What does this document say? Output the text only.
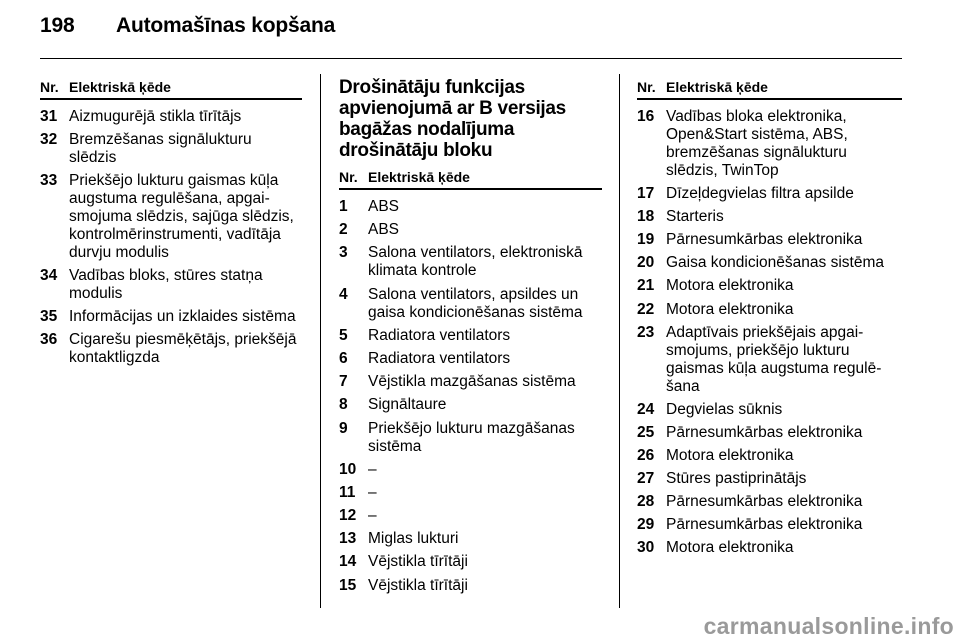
198 Automašīnas kopšana
Nr. Elektriskā ķēde
31 Aizmugurējā stikla tīrītājs
32 Bremzēšanas signālukturu slēdzis
33 Priekšējo lukturu gaismas kūļa augstuma regulēšana, apgai-smojuma slēdzis, sajūga slēdzis, kontrolmērinstrumenti, vadītāja durvju modulis
34 Vadības bloks, stūres statņa modulis
35 Informācijas un izklaides sistēma
36 Cigarešu piesmēķētājs, priekšējā kontaktligzda
Drošinātāju funkcijas apvienojumā ar B versijas bagāžas nodalījuma drošinātāju bloku
Nr. Elektriskā ķēde
1	ABS
2	ABS
3	Salona ventilators, elektroniskā klimata kontrole
4	Salona ventilators, apsildes un gaisa kondicionēšanas sistēma
5	Radiatora ventilators
6	Radiatora ventilators
7	Vējstikla mazgāšanas sistēma
8	Signāltaure
9	Priekšējo lukturu mazgāšanas sistēma
10 –
11 –
12 –
13 Miglas lukturi
14 Vējstikla tīrītāji
15 Vējstikla tīrītāji
Nr. Elektriskā ķēde
16 Vadības bloka elektronika, Open&Start sistēma, ABS, bremzēšanas signālukturu slēdzis, TwinTop
17 Dīzeļdegvielas filtra apsilde
18 Starteris
19 Pārnesumkārbas elektronika
20 Gaisa kondicionēšanas sistēma
21 Motora elektronika
22 Motora elektronika
23 Adaptīvais priekšējais apgai-smojums, priekšējo lukturu gaismas kūļa augstuma regulē-šana
24 Degvielas sūknis
25 Pārnesumkārbas elektronika
26 Motora elektronika
27 Stūres pastiprinātājs
28 Pārnesumkārbas elektronika
29 Pārnesumkārbas elektronika
30 Motora elektronika
carmanualsonline.info
